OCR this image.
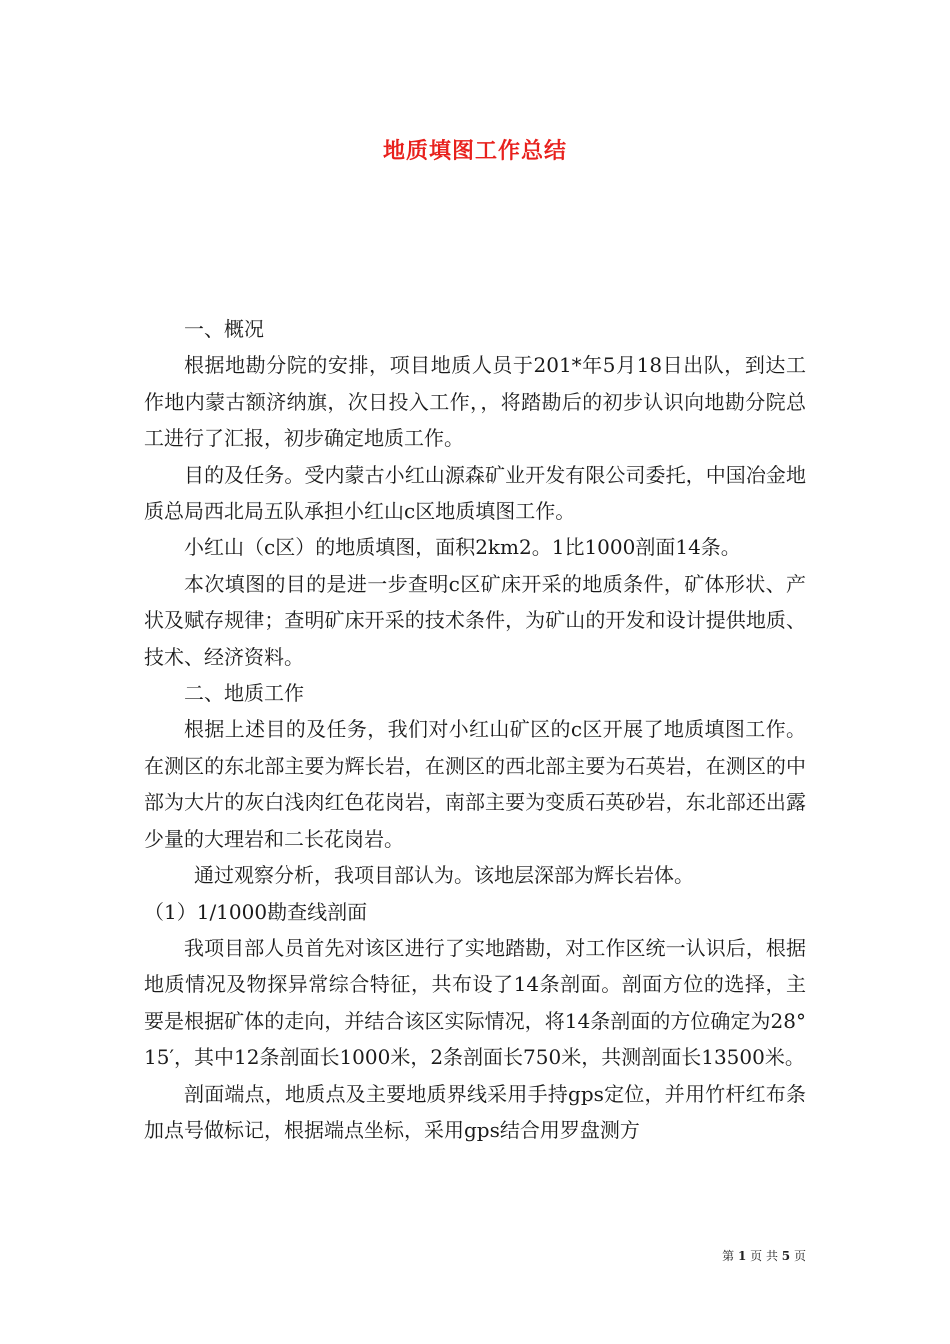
地质填图工作总结

一、概况

根据地勘分院的安排，项目地质人员于201*年5月18日出队，到达工作地内蒙古额济纳旗，次日投入工作，，将踏勘后的初步认识向地勘分院总工进行了汇报，初步确定地质工作。

目的及任务。受内蒙古小红山源森矿业开发有限公司委托，中国冶金地质总局西北局五队承担小红山c区地质填图工作。

小红山（c区）的地质填图，面积2km2。1比1000剖面14条。

本次填图的目的是进一步查明c区矿床开采的地质条件，矿体形状、产状及赋存规律；查明矿床开采的技术条件，为矿山的开发和设计提供地质、技术、经济资料。

二、地质工作

根据上述目的及任务，我们对小红山矿区的c区开展了地质填图工作。在测区的东北部主要为辉长岩，在测区的西北部主要为石英岩，在测区的中部为大片的灰白浅肉红色花岗岩，南部主要为变质石英砂岩，东北部还出露少量的大理岩和二长花岗岩。

通过观察分析，我项目部认为。该地层深部为辉长岩体。

（1）1/1000勘查线剖面

我项目部人员首先对该区进行了实地踏勘，对工作区统一认识后，根据地质情况及物探异常综合特征，共布设了14条剖面。剖面方位的选择，主要是根据矿体的走向，并结合该区实际情况，将14条剖面的方位确定为28° 15′，其中12条剖面长1000米，2条剖面长750米，共测剖面长13500米。

剖面端点，地质点及主要地质界线采用手持gps定位，并用竹杆红布条加点号做标记，根据端点坐标，采用gps结合用罗盘测方

第 1 页 共 5 页
